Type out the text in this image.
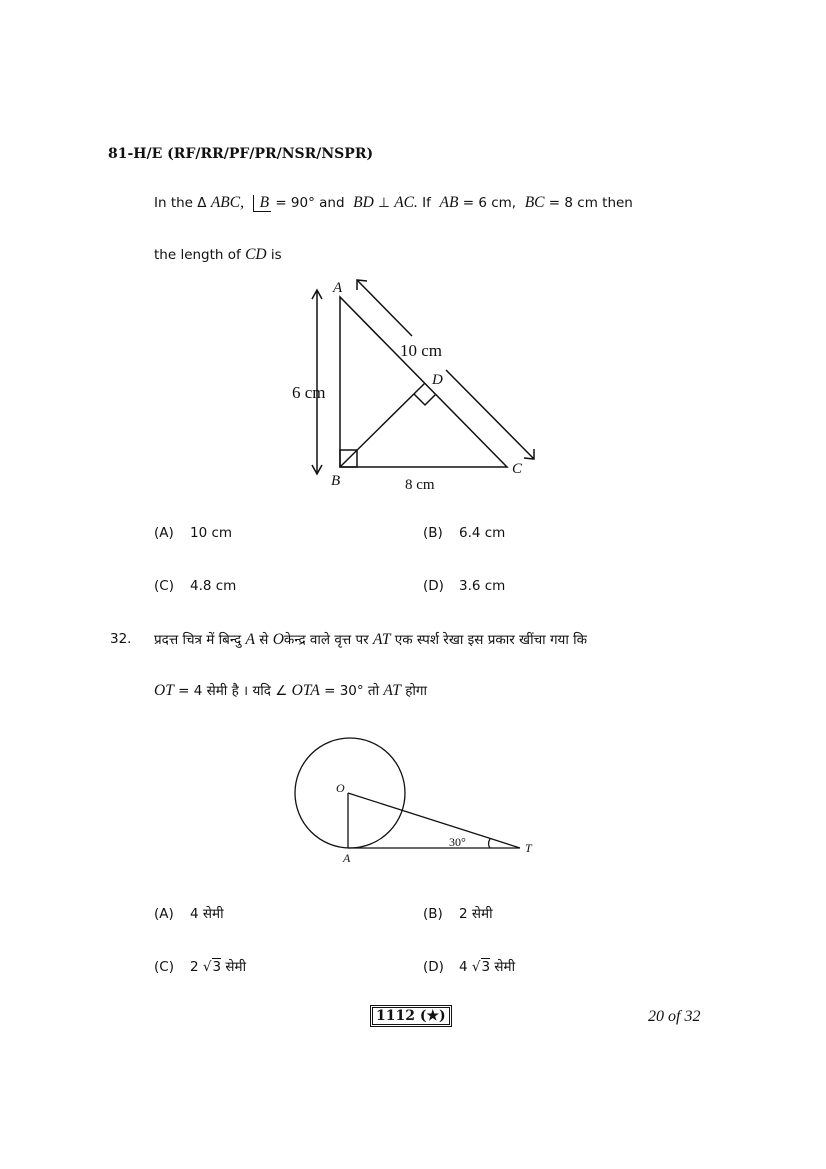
81-H/E (RF/RR/PF/PR/NSR/NSPR)
In the Δ ABC, B = 90° and BD ⊥ AC. If AB = 6 cm, BC = 8 cm then
the length of CD is
A
B
C
D
10 cm
6 cm
8 cm
O
A
T
30°
(A) 10 cm	(B) 6.4 cm
(C) 4.8 cm	(D) 3.6 cm
32. प्रदत्त चित्र में बिन्दु A से Oकेन्द्र वाले वृत्त पर AT एक स्पर्श रेखा इस प्रकार खींचा गया कि
OT = 4 सेमी है । यदि ∠ OTA = 30° तो AT होगा
(A) 4 सेमी	(B) 2 सेमी
(C) 2 √3 सेमी	(D) 4 √3 सेमी
1112 (★)	20 of 32
